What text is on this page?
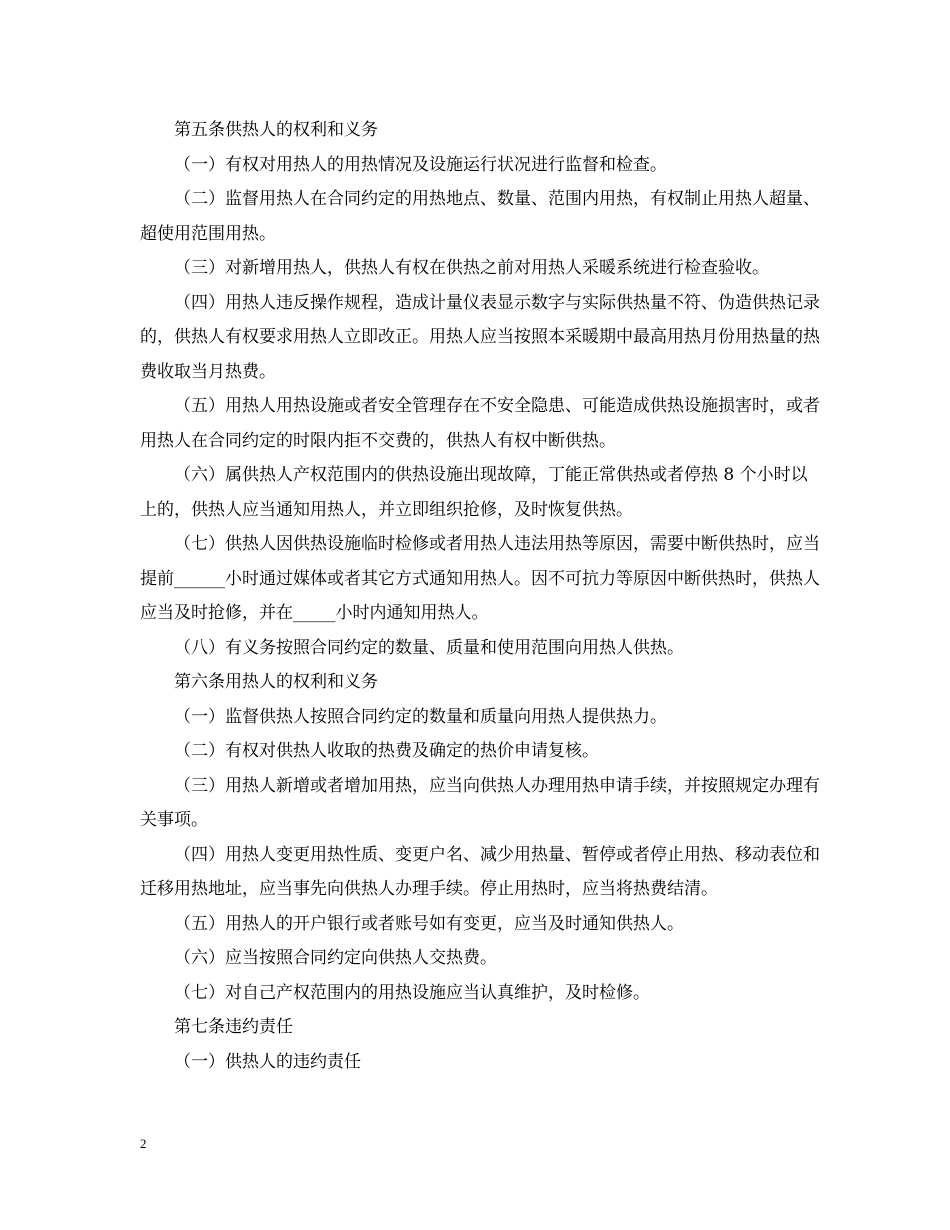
第五条供热人的权利和义务

（一）有权对用热人的用热情况及设施运行状况进行监督和检查。

（二）监督用热人在合同约定的用热地点、数量、范围内用热，有权制止用热人超量、超使用范围用热。

（三）对新增用热人，供热人有权在供热之前对用热人采暖系统进行检查验收。

（四）用热人违反操作规程，造成计量仪表显示数字与实际供热量不符、伪造供热记录的，供热人有权要求用热人立即改正。用热人应当按照本采暖期中最高用热月份用热量的热费收取当月热费。

（五）用热人用热设施或者安全管理存在不安全隐患、可能造成供热设施损害时，或者用热人在合同约定的时限内拒不交费的，供热人有权中断供热。

（六）属供热人产权范围内的供热设施出现故障，丁能正常供热或者停热 8 个小时以上的，供热人应当通知用热人，并立即组织抢修，及时恢复供热。

（七）供热人因供热设施临时检修或者用热人违法用热等原因，需要中断供热时，应当提前______小时通过媒体或者其它方式通知用热人。因不可抗力等原因中断供热时，供热人应当及时抢修，并在_____小时内通知用热人。

（八）有义务按照合同约定的数量、质量和使用范围向用热人供热。

第六条用热人的权利和义务

（一）监督供热人按照合同约定的数量和质量向用热人提供热力。

（二）有权对供热人收取的热费及确定的热价申请复核。

（三）用热人新增或者增加用热，应当向供热人办理用热申请手续，并按照规定办理有关事项。

（四）用热人变更用热性质、变更户名、减少用热量、暂停或者停止用热、移动表位和迁移用热地址，应当事先向供热人办理手续。停止用热时，应当将热费结清。

（五）用热人的开户银行或者账号如有变更，应当及时通知供热人。

（六）应当按照合同约定向供热人交热费。

（七）对自己产权范围内的用热设施应当认真维护，及时检修。

第七条违约责任

（一）供热人的违约责任

2
